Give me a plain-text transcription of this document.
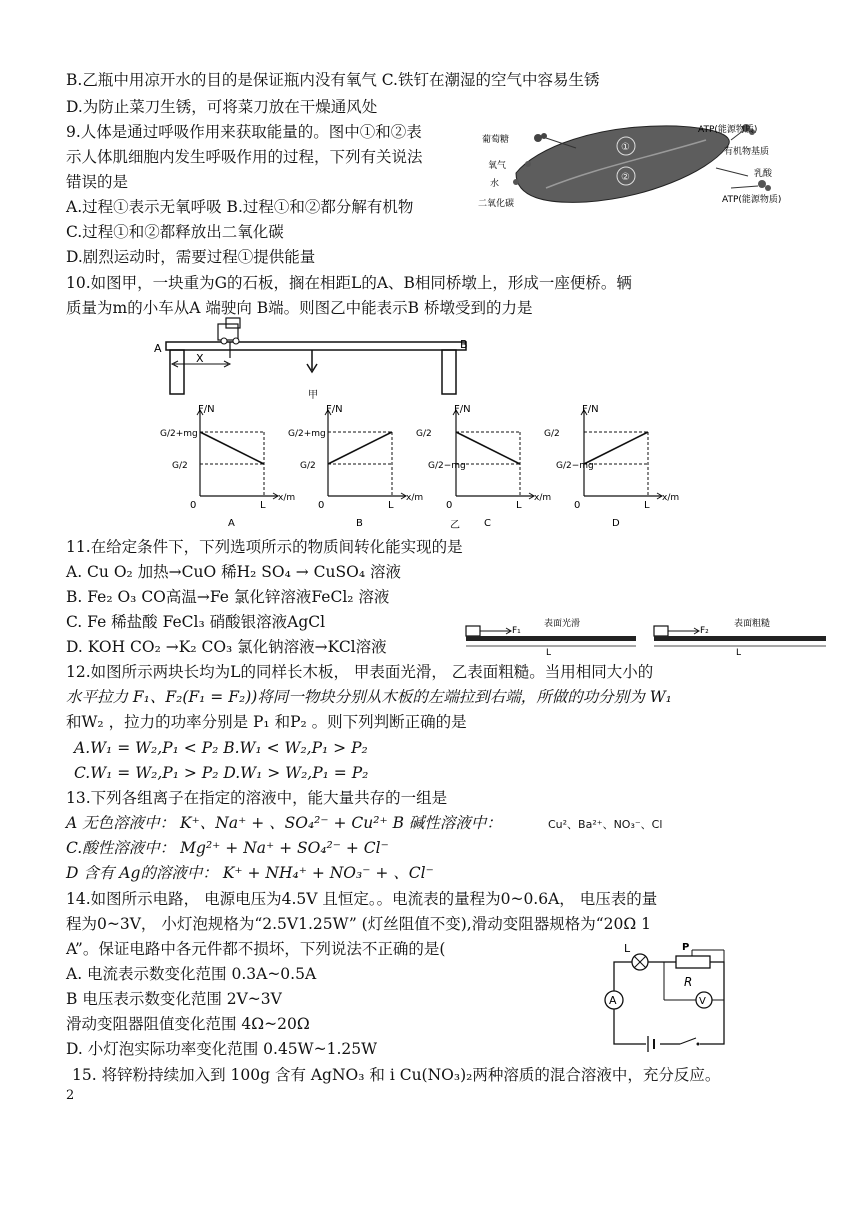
B.乙瓶中用凉开水的目的是保证瓶内没有氧气 C.铁钉在潮湿的空气中容易生锈
D.为防止菜刀生锈，可将菜刀放在干燥通风处
9.人体是通过呼吸作用来获取能量的。图中①和②表
示人体肌细胞内发生呼吸作用的过程，下列有关说法
错误的是
A.过程①表示无氧呼吸 B.过程①和②都分解有机物
C.过程①和②都释放出二氧化碳
D.剧烈运动时，需要过程①提供能量
10.如图甲，一块重为G的石板，搁在相距L的A、B相同桥墩上，形成一座便桥。辆
质量为m的小车从A 端驶向 B端。则图乙中能表示B 桥墩受到的力是
①
②
葡萄糖
ATP(能源物质)
氧气
有机物基质
水
乳酸
二氧化碳	ATP(能源物质)
A	B
X
甲
F/N
G/2+mg
G/2
0	L
x/m
A
F/N
G/2+mg
G/2
0	L
x/m
B
F/N
G/2
G/2−mg
0	L
x/m
C
F/N
G/2
G/2−mg
0	L
x/m
D
乙
11.在给定条件下，下列选项所示的物质间转化能实现的是
A. Cu O₂ 加热→CuO 稀H₂ SO₄ → CuSO₄ 溶液
B. Fe₂ O₃ CO高温→Fe 氯化锌溶液FeCl₂ 溶液
C. Fe 稀盐酸 FeCl₃ 硝酸银溶液AgCl
D. KOH CO₂ →K₂ CO₃ 氯化钠溶液→KCl溶液
F₁
表面光滑
L
F₂
表面粗糙
L
12.如图所示两块长均为L的同样长木板， 甲表面光滑， 乙表面粗糙。当用相同大小的
水平拉力 F₁、F₂(F₁ = F₂))将同一物块分别从木板的左端拉到右端，所做的功分别为 W₁
和W₂ ，拉力的功率分别是 P₁ 和P₂ 。则下列判断正确的是
A.W₁ = W₂,P₁ < P₂ B.W₁ < W₂,P₁ > P₂
C.W₁ = W₂,P₁ > P₂ D.W₁ > W₂,P₁ = P₂
13.下列各组离子在指定的溶液中，能大量共存的一组是
A 无色溶液中： K⁺、Na⁺ + 、SO₄²⁻ + Cu²⁺ B 碱性溶液中：	Cu²、Ba²⁺、NO₃⁻、Cl
C.酸性溶液中： Mg²⁺ + Na⁺ + SO₄²⁻ + Cl⁻
D 含有 Ag的溶液中： K⁺ + NH₄⁺ + NO₃⁻ + 、Cl⁻
14.如图所示电路， 电源电压为4.5V 且恒定。。电流表的量程为0~0.6A， 电压表的量
程为0~3V， 小灯泡规格为“2.5V1.25W” (灯丝阻值不变),滑动变阻器规格为“20Ω 1
A”。保证电路中各元件都不损坏，下列说法不正确的是(
A. 电流表示数变化范围 0.3A~0.5A
B 电压表示数变化范围 2V~3V
滑动变阻器阻值变化范围 4Ω~20Ω
D. 小灯泡实际功率变化范围 0.45W~1.25W
L
R
P
A	V
15. 将锌粉持续加入到 100g 含有 AgNO₃ 和 i Cu(NO₃)₂两种溶质的混合溶液中，充分反应。
2
